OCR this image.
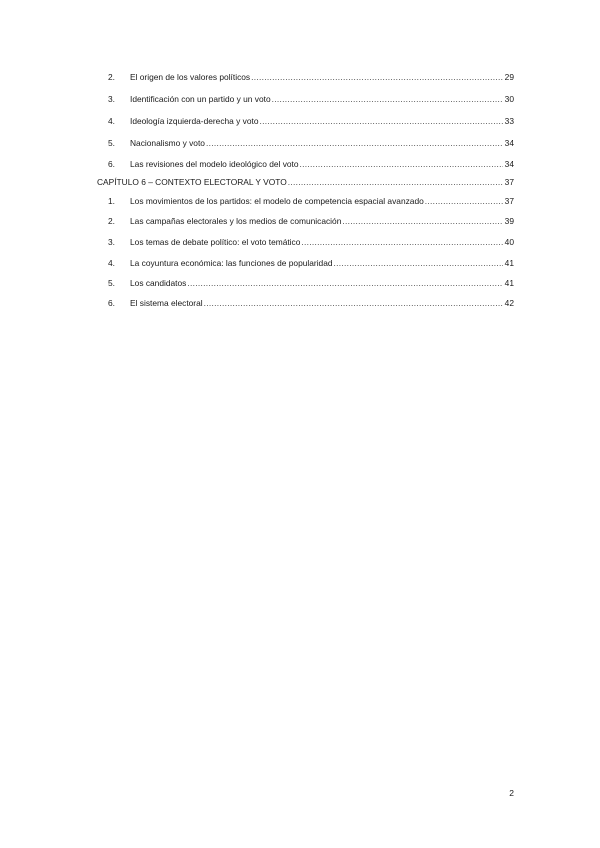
2.	El origen de los valores políticos .....	29
3.	Identificación con un partido y un voto .....	30
4.	Ideología izquierda-derecha y voto .....	33
5.	Nacionalismo y voto .....	34
6.	Las revisiones del modelo ideológico del voto .....	34
CAPÍTULO 6 – CONTEXTO ELECTORAL Y VOTO .....	37
1.	Los movimientos de los partidos: el modelo de competencia espacial avanzado .....	37
2.	Las campañas electorales y los medios de comunicación .....	39
3.	Los temas de debate político: el voto temático .....	40
4.	La coyuntura económica: las funciones de popularidad .....	41
5.	Los candidatos .....	41
6.	El sistema electoral .....	42
2
